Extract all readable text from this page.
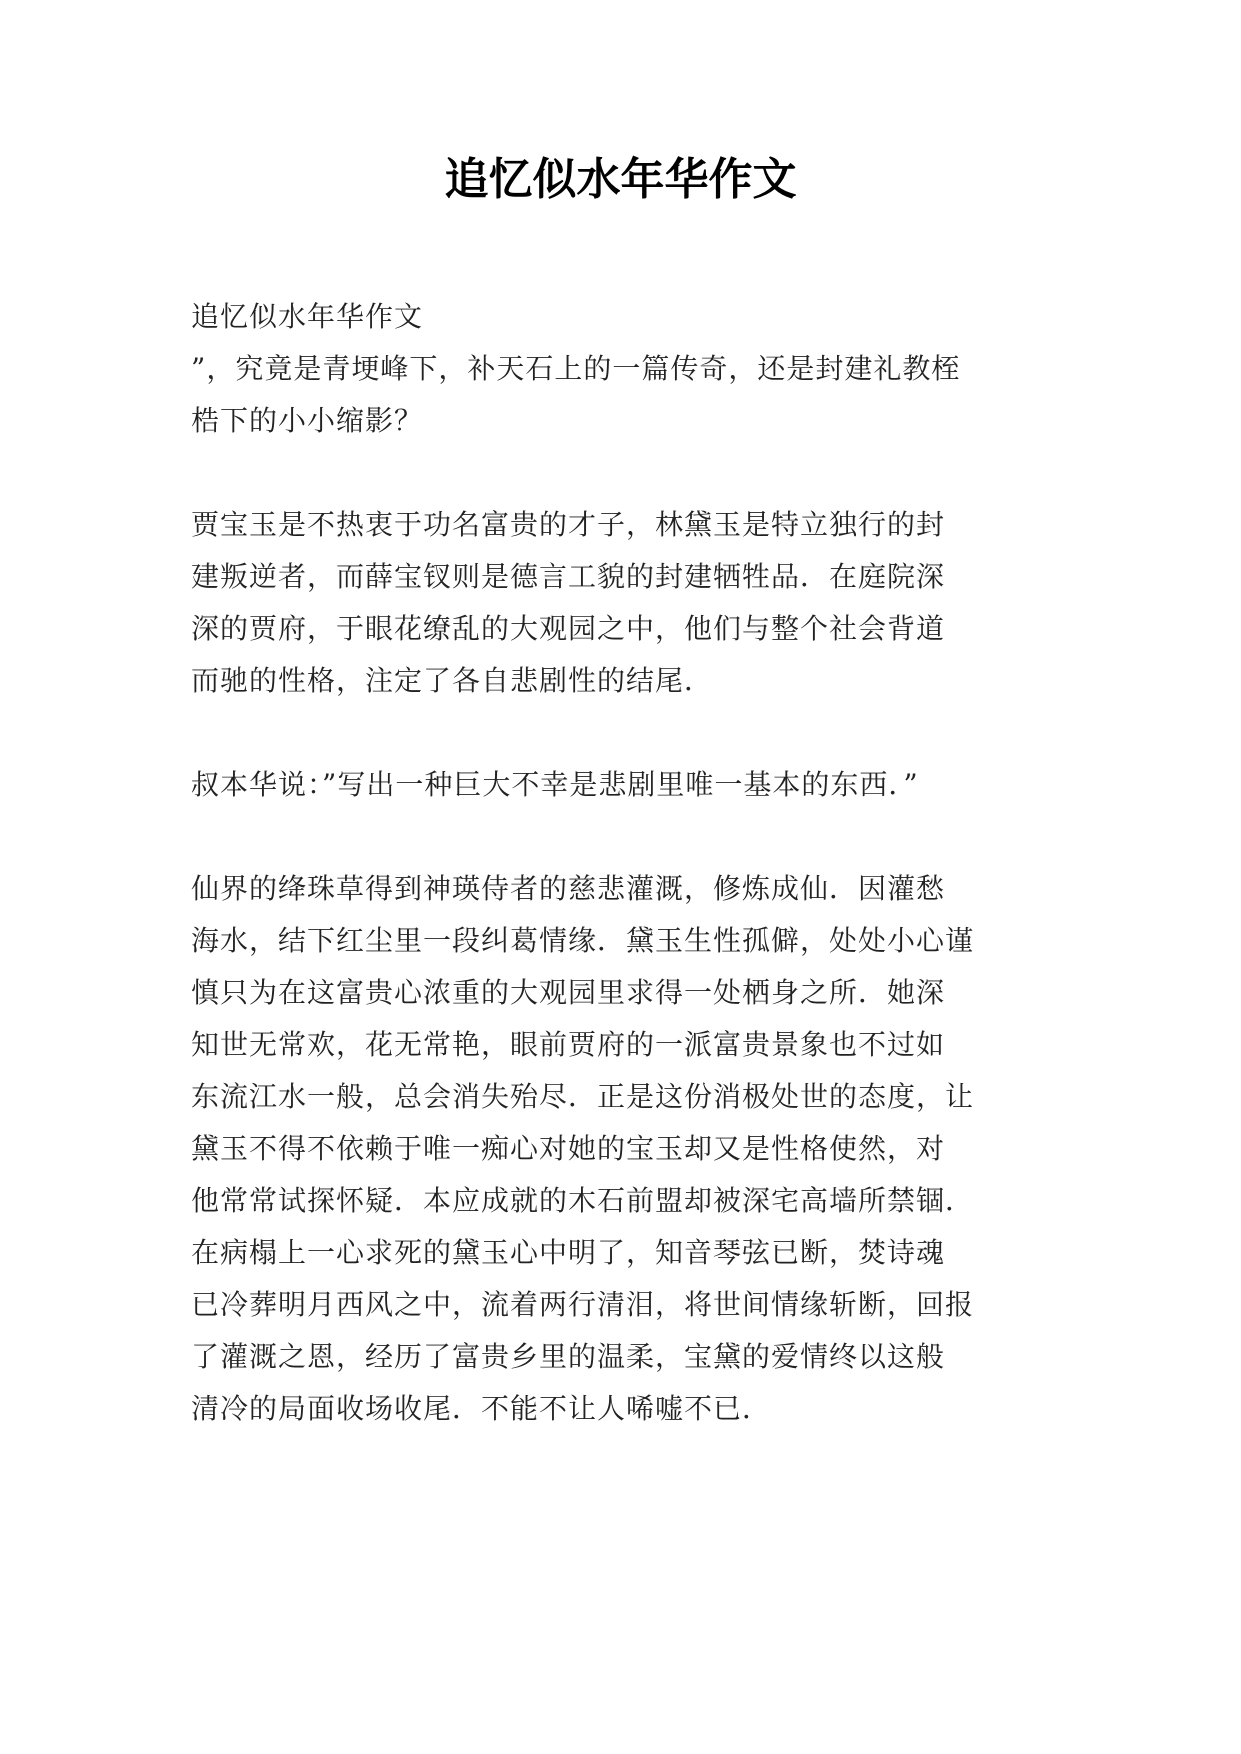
追忆似水年华作文
追忆似水年华作文
”，究竟是青埂峰下，补天石上的一篇传奇，还是封建礼教桎
梏下的小小缩影？
贾宝玉是不热衷于功名富贵的才子，林黛玉是特立独行的封
建叛逆者，而薛宝钗则是德言工貌的封建牺牲品．在庭院深
深的贾府，于眼花缭乱的大观园之中，他们与整个社会背道
而驰的性格，注定了各自悲剧性的结尾．
叔本华说：”写出一种巨大不幸是悲剧里唯一基本的东西．”
仙界的绛珠草得到神瑛侍者的慈悲灌溉，修炼成仙．因灌愁
海水，结下红尘里一段纠葛情缘．黛玉生性孤僻，处处小心谨
慎只为在这富贵心浓重的大观园里求得一处栖身之所．她深
知世无常欢，花无常艳，眼前贾府的一派富贵景象也不过如
东流江水一般，总会消失殆尽．正是这份消极处世的态度，让
黛玉不得不依赖于唯一痴心对她的宝玉却又是性格使然，对
他常常试探怀疑．本应成就的木石前盟却被深宅高墙所禁锢．
在病榻上一心求死的黛玉心中明了，知音琴弦已断，焚诗魂
已冷葬明月西风之中，流着两行清泪，将世间情缘斩断，回报
了灌溉之恩，经历了富贵乡里的温柔，宝黛的爱情终以这般
清冷的局面收场收尾．不能不让人唏嘘不已．
